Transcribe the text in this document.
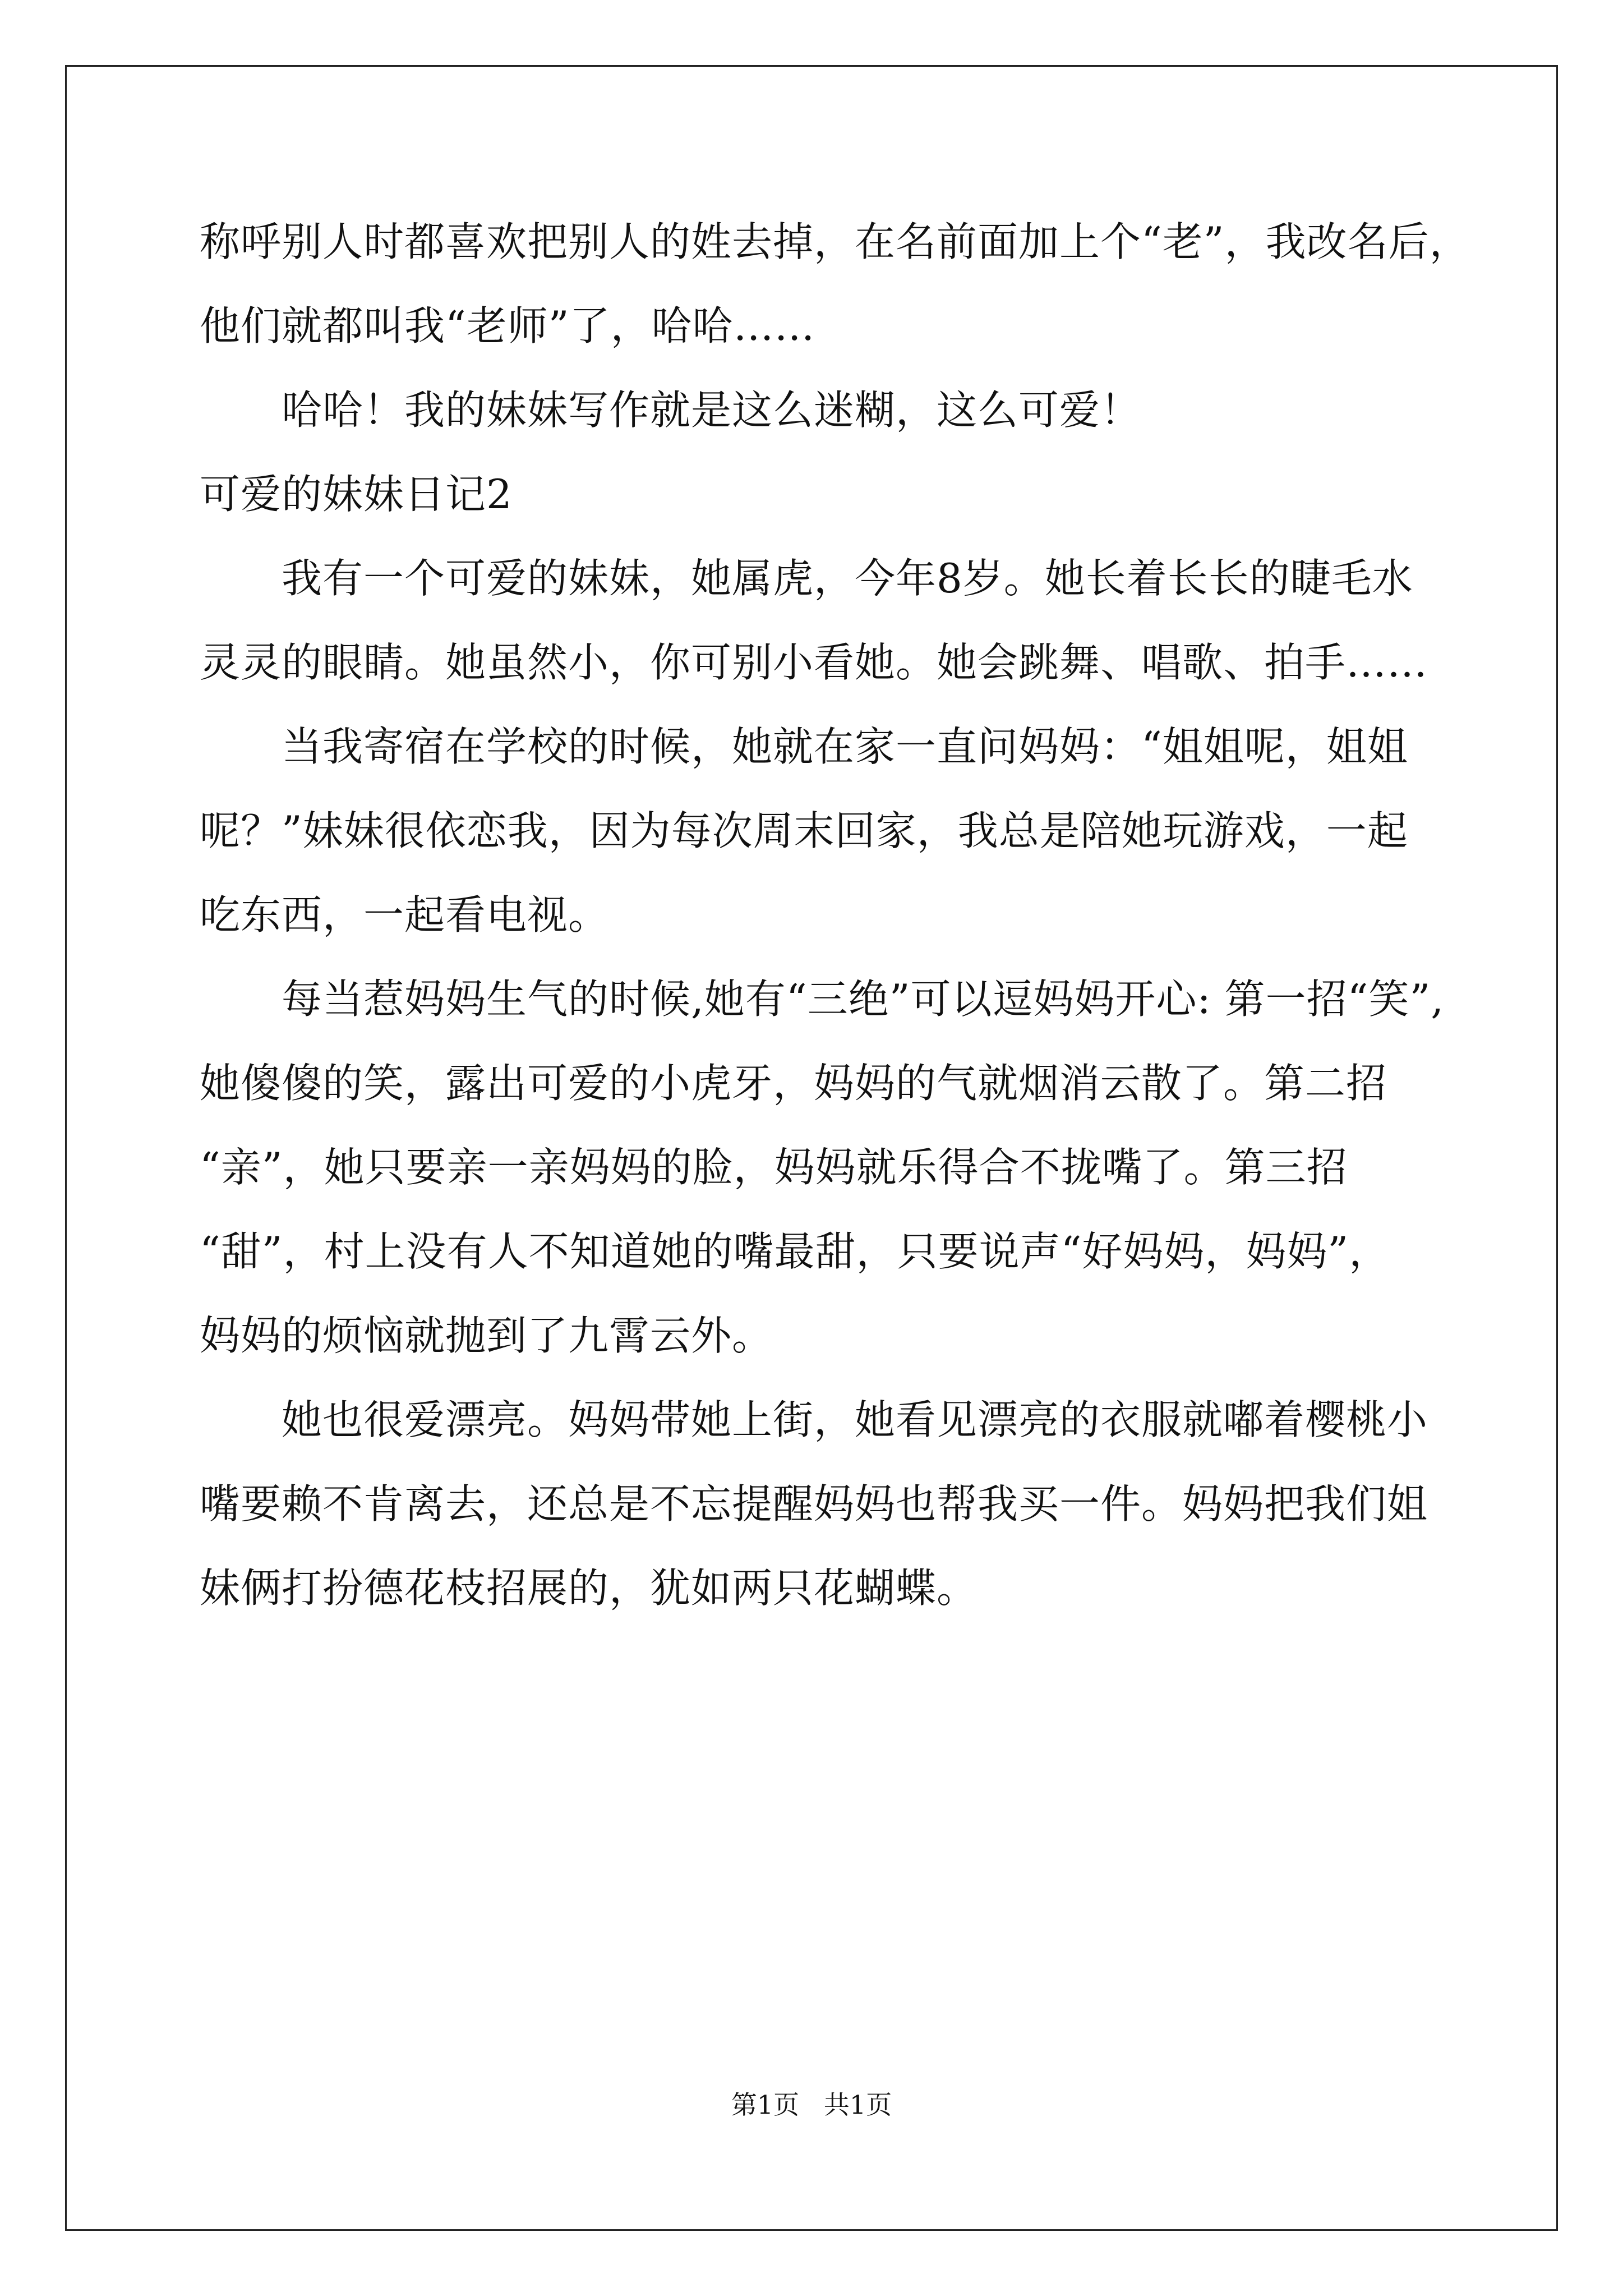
称呼别人时都喜欢把别人的姓去掉，在名前面加上个“老”，我改名后，
他们就都叫我“老师”了，哈哈……
哈哈！我的妹妹写作就是这么迷糊，这么可爱！
可爱的妹妹日记2
我有一个可爱的妹妹，她属虎，今年8岁。她长着长长的睫毛水
灵灵的眼睛。她虽然小，你可别小看她。她会跳舞、唱歌、拍手……
当我寄宿在学校的时候，她就在家一直问妈妈：“姐姐呢，姐姐
呢？”妹妹很依恋我，因为每次周末回家，我总是陪她玩游戏，一起
吃东西，一起看电视。
每当惹妈妈生气的时候,她有“三绝”可以逗妈妈开心: 第一招“笑”,
她傻傻的笑，露出可爱的小虎牙，妈妈的气就烟消云散了。第二招
“亲”，她只要亲一亲妈妈的脸，妈妈就乐得合不拢嘴了。第三招
“甜”，村上没有人不知道她的嘴最甜，只要说声“好妈妈，妈妈”，
妈妈的烦恼就抛到了九霄云外。
她也很爱漂亮。妈妈带她上街，她看见漂亮的衣服就嘟着樱桃小
嘴要赖不肯离去，还总是不忘提醒妈妈也帮我买一件。妈妈把我们姐
妹俩打扮德花枝招展的，犹如两只花蝴蝶。
第1页   共1页
